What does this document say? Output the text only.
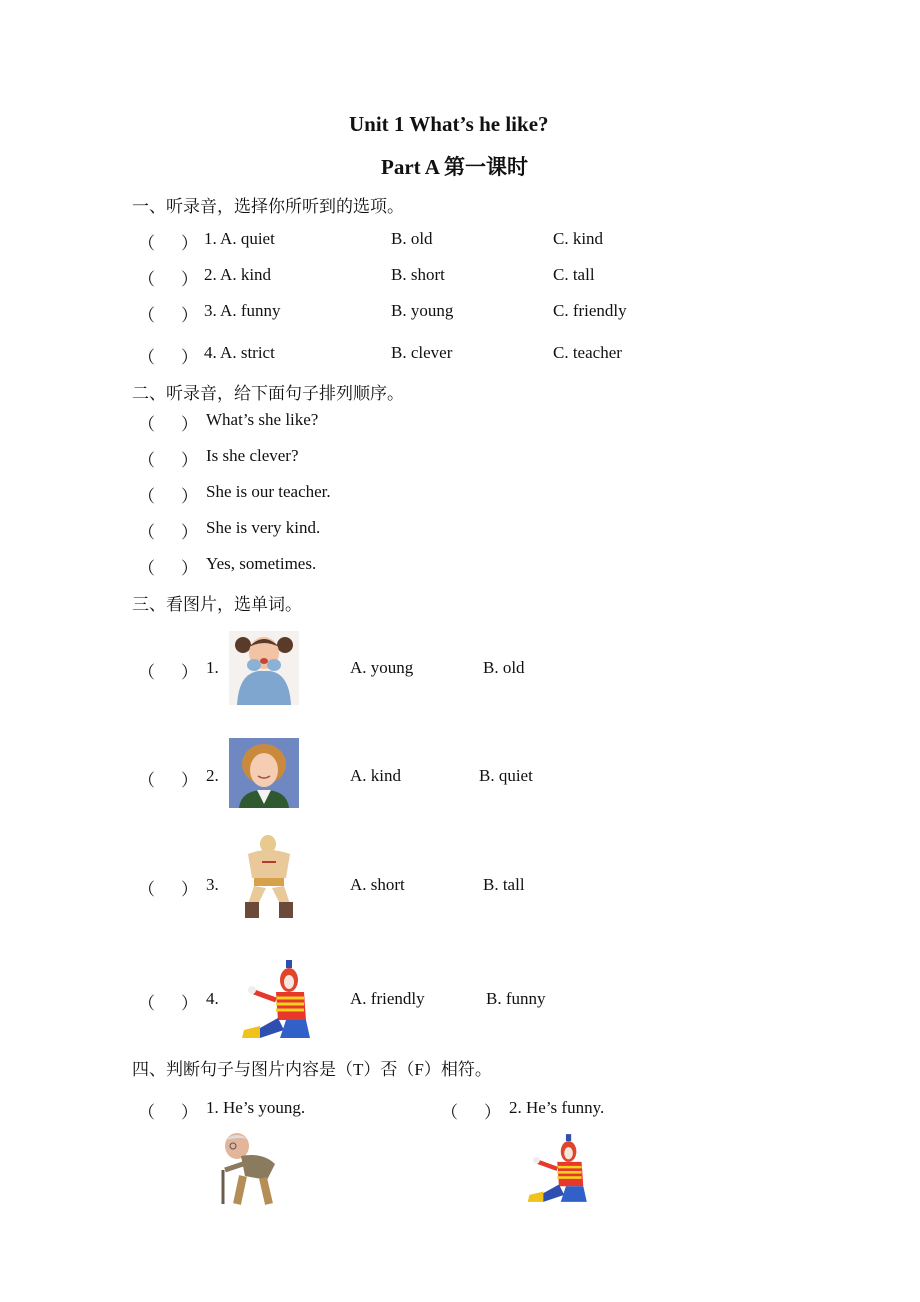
Unit 1 What’s he like?
Part A 第一课时
一、听录音，选择你所听到的选项。
（ ） 1. A. quiet	B. old	C. kind
（ ） 2. A. kind	B. short	C. tall
（ ） 3. A. funny	B. young	C. friendly
（ ） 4. A. strict	B. clever	C. teacher
二、听录音，给下面句子排列顺序。
（ ） What’s she like?
（ ） Is she clever?
（ ） She is our teacher.
（ ） She is very kind.
（ ） Yes, sometimes.
三、看图片，选单词。
（ ） 1.	A. young	B. old
（ ） 2.	A. kind	B. quiet
（ ） 3.	A. short	B. tall
（ ） 4.	A. friendly	B. funny
四、判断句子与图片内容是（T）否（F）相符。
（ ） 1. He’s young.	（ ） 2. He’s funny.
